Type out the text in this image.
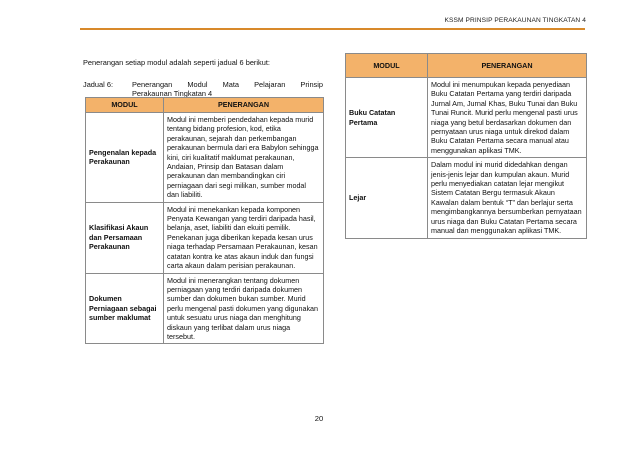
KSSM PRINSIP PERAKAUNAN TINGKATAN 4
Penerangan setiap modul adalah seperti jadual 6 berikut:
Jadual 6:	Penerangan Modul Mata Pelajaran Prinsip
Perakaunan Tingkatan 4
MODUL	PENERANGAN
Pengenalan kepada Perakaunan	Modul ini memberi pendedahan kepada murid tentang bidang profesion, kod, etika perakaunan, sejarah dan perkembangan perakaunan bermula dari era Babylon sehingga kini, ciri kualitatif maklumat perakaunan, Andaian, Prinsip dan Batasan dalam perakaunan dan membandingkan ciri perniagaan dari segi milikan, sumber modal dan liabiliti.
Klasifikasi Akaun dan Persamaan Perakaunan	Modul ini menekankan kepada komponen Penyata Kewangan yang terdiri daripada hasil, belanja, aset, liabiliti dan ekuiti pemilik. Penekanan juga diberikan kepada kesan urus niaga terhadap Persamaan Perakaunan, kesan catatan kontra ke atas akaun induk dan fungsi carta akaun dalam perisian perakaunan.
Dokumen Perniagaan sebagai sumber maklumat	Modul ini menerangkan tentang dokumen perniagaan yang terdiri daripada dokumen sumber dan dokumen bukan sumber. Murid perlu mengenal pasti dokumen yang digunakan untuk sesuatu urus niaga dan menghitung diskaun yang terlibat dalam urus niaga tersebut.
MODUL	PENERANGAN
Buku Catatan Pertama	Modul ini menumpukan kepada penyediaan Buku Catatan Pertama yang terdiri daripada Jurnal Am, Jurnal Khas, Buku Tunai dan Buku Tunai Runcit. Murid perlu mengenal pasti urus niaga yang betul berdasarkan dokumen dan pernyataan urus niaga untuk direkod dalam Buku Catatan Pertama secara manual atau menggunakan aplikasi TMK.
Lejar	Dalam modul ini murid didedahkan dengan jenis-jenis lejar dan kumpulan akaun. Murid perlu menyediakan catatan lejar mengikut Sistem Catatan Bergu termasuk Akaun Kawalan dalam bentuk “T” dan berlajur serta mengimbangkannya bersumberkan pernyataan urus niaga dan Buku Catatan Pertama secara manual dan menggunakan aplikasi TMK.
20
